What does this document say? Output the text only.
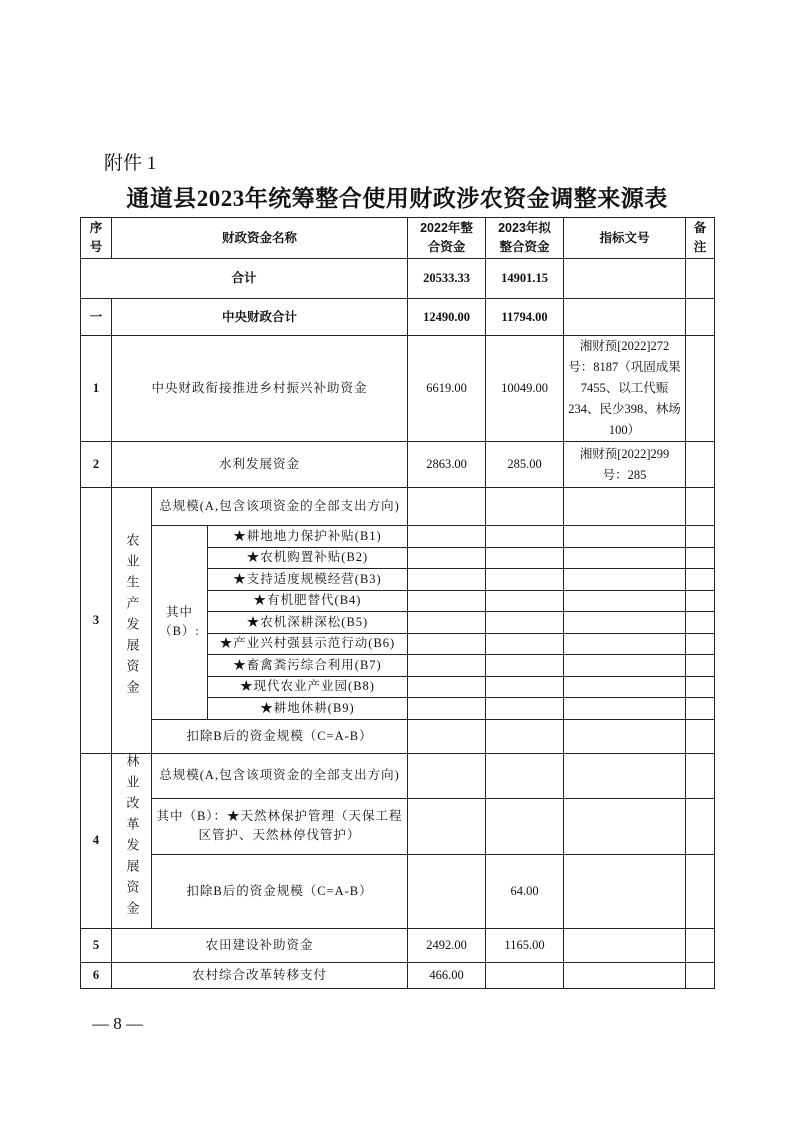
附件 1
通道县2023年统筹整合使用财政涉农资金调整来源表
序号	财政资金名称			2022年整合资金	2023年拟整合资金	指标文号	备注
合计				20533.33	14901.15		
一	中央财政合计			12490.00	11794.00		
1	中央财政衔接推进乡村振兴补助资金			6619.00	10049.00	湘财预[2022]272号：8187（巩固成果7455、以工代赈234、民少398、林场100）	
2	水利发展资金			2863.00	285.00	湘财预[2022]299号：285	
3	农业生产发展资金	总规模(A,包含该项资金的全部支出方向)					
		其中（B）:	★耕地地力保护补贴(B1)				
			★农机购置补贴(B2)				
			★支持适度规模经营(B3)				
			★有机肥替代(B4)				
			★农机深耕深松(B5)				
			★产业兴村强县示范行动(B6)				
			★畜禽粪污综合利用(B7)				
			★现代农业产业园(B8)				
			★耕地休耕(B9)				
		扣除B后的资金规模（C=A-B）					
4	林业改革发展资金	总规模(A,包含该项资金的全部支出方向)					
		其中（B）：★天然林保护管理（天保工程区管护、天然林停伐管护）					
		扣除B后的资金规模（C=A-B）			64.00		
5	农田建设补助资金			2492.00	1165.00		
6	农村综合改革转移支付			466.00			
— 8 —
